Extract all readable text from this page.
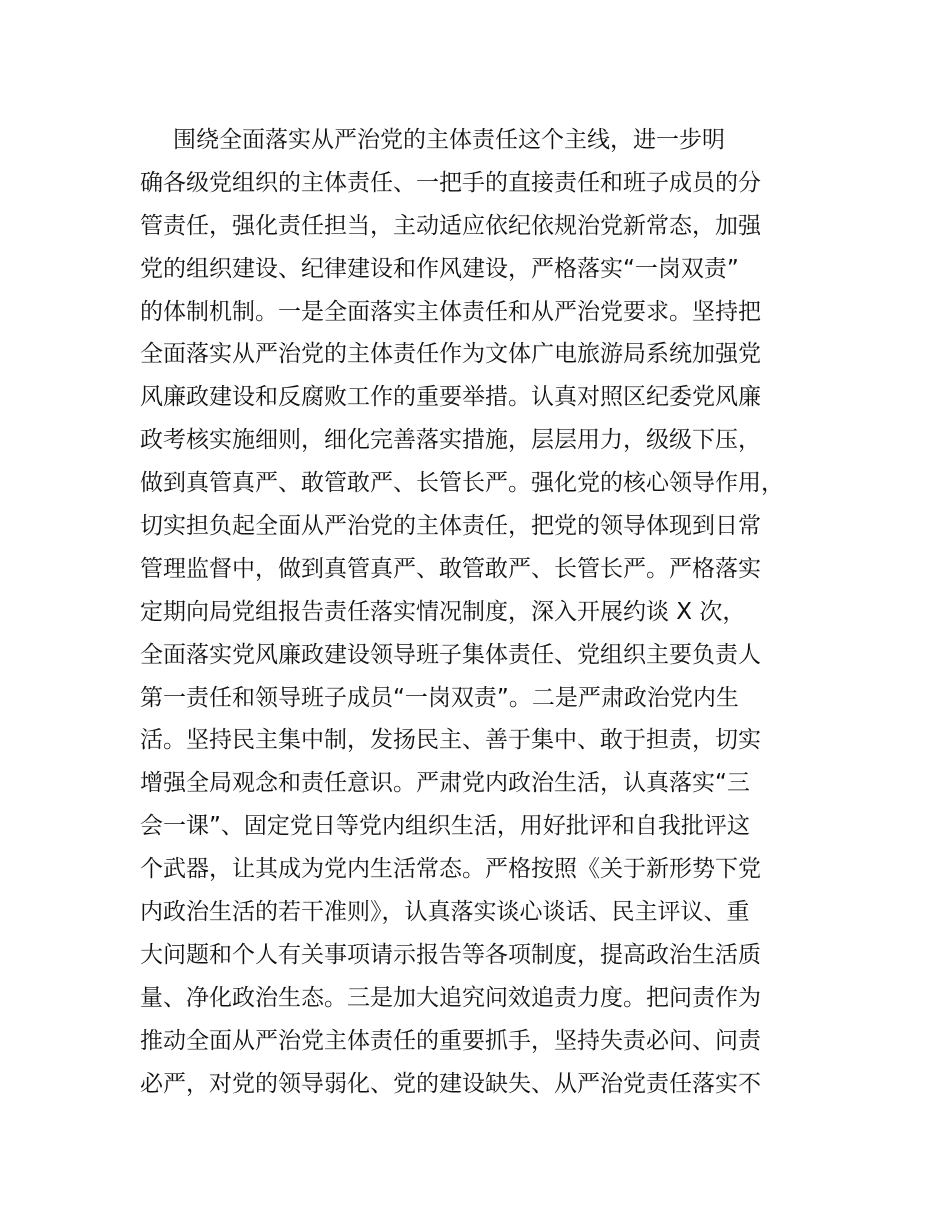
围绕全面落实从严治党的主体责任这个主线，进一步明
确各级党组织的主体责任、一把手的直接责任和班子成员的分
管责任，强化责任担当，主动适应依纪依规治党新常态，加强
党的组织建设、纪律建设和作风建设，严格落实“一岗双责”
的体制机制。一是全面落实主体责任和从严治党要求。坚持把
全面落实从严治党的主体责任作为文体广电旅游局系统加强党
风廉政建设和反腐败工作的重要举措。认真对照区纪委党风廉
政考核实施细则，细化完善落实措施，层层用力，级级下压，
做到真管真严、敢管敢严、长管长严。强化党的核心领导作用，
切实担负起全面从严治党的主体责任，把党的领导体现到日常
管理监督中，做到真管真严、敢管敢严、长管长严。严格落实
定期向局党组报告责任落实情况制度，深入开展约谈 X 次，
全面落实党风廉政建设领导班子集体责任、党组织主要负责人
第一责任和领导班子成员“一岗双责”。二是严肃政治党内生
活。坚持民主集中制，发扬民主、善于集中、敢于担责，切实
增强全局观念和责任意识。严肃党内政治生活，认真落实“三
会一课”、固定党日等党内组织生活，用好批评和自我批评这
个武器，让其成为党内生活常态。严格按照《关于新形势下党
内政治生活的若干准则》，认真落实谈心谈话、民主评议、重
大问题和个人有关事项请示报告等各项制度，提高政治生活质
量、净化政治生态。三是加大追究问效追责力度。把问责作为
推动全面从严治党主体责任的重要抓手，坚持失责必问、问责
必严，对党的领导弱化、党的建设缺失、从严治党责任落实不
